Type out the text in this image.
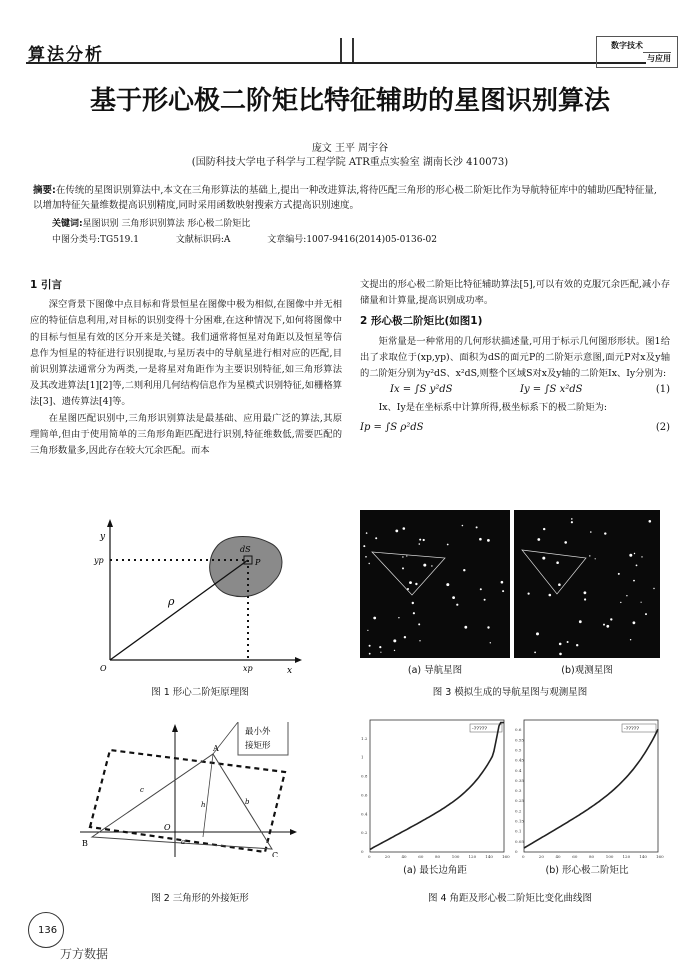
算法分析	数字技术
与应用
基于形心极二阶矩比特征辅助的星图识别算法
庞文 王平 周宇谷
(国防科技大学电子科学与工程学院 ATR重点实验室 湖南长沙 410073)
摘要:在传统的星图识别算法中,本文在三角形算法的基础上,提出一种改进算法,将待匹配三角形的形心极二阶矩比作为导航特征库中的辅助匹配特征量,以增加特征矢量维数提高识别精度,同时采用函数映射搜索方式提高识别速度。
关键词:星图识别 三角形识别算法 形心极二阶矩比
中图分类号:TG519.1	文献标识码:A	文章编号:1007-9416(2014)05-0136-02
1 引言

深空背景下图像中点目标和背景恒星在图像中极为相似,在图像中并无相应的特征信息利用,对目标的识别变得十分困难,在这种情况下,如何将图像中的目标与恒星有效的区分开来是关键。我们通常将恒星对角距以及恒星等信息作为恒星的特征进行识别提取,与星历表中的导航星进行相对应的匹配,目前识别算法通常分为两类,一是将星对角距作为主要识别特征,如三角形算法及其改进算法[1][2]等,二则利用几何结构信息作为星模式识别特征,如栅格算法[3]、遗传算法[4]等。

在星图匹配识别中,三角形识别算法是最基础、应用最广泛的算法,其原理简单,但由于使用简单的三角形角距匹配进行识别,特征维数低,需要匹配的三角形数量多,因此存在较大冗余匹配。而本

文提出的形心极二阶矩比特征辅助算法[5],可以有效的克服冗余匹配,减小存储量和计算量,提高识别成功率。

2 形心极二阶矩比(如图1)

矩常量是一种常用的几何形状描述量,可用于标示几何图形形状。图1给出了求取位于(xp,yp)、面积为dS的面元P的二阶矩示意图,面元P对x及y轴的二阶矩分别为y²dS、x²dS,则整个区域S对x及y轴的二阶矩Ix、Iy分别为:

Ix = ∫S y²dS	Iy = ∫S x²dS	(1)

Ix、Iy是在坐标系中计算所得,极坐标系下的极二阶矩为:

Ip = ∫S ρ²dS	(2)
y
yp
O	xp	x
ρ
dS
P
图 1 形心二阶矩原理图
最小外
接矩形
A
B
C
O
c
b
a
h
图 2 三角形的外接矩形
(a) 导航星图	(b)观测星图
图 3 模拟生成的导航星图与观测星图
0	20	40	60	80	100 120 140 160
0
0.2
0.4
0.6
0.8
1
1.2
-?????
0	20	40	60	80	100 120 140 160
0
0.05
0.1
0.15
0.2
0.25
0.3
0.35
0.4
0.45
0.5
0.55
0.6	-?????
(a) 最长边角距	(b) 形心极二阶矩比
图 4 角距及形心极二阶矩比变化曲线图
136
万方数据
